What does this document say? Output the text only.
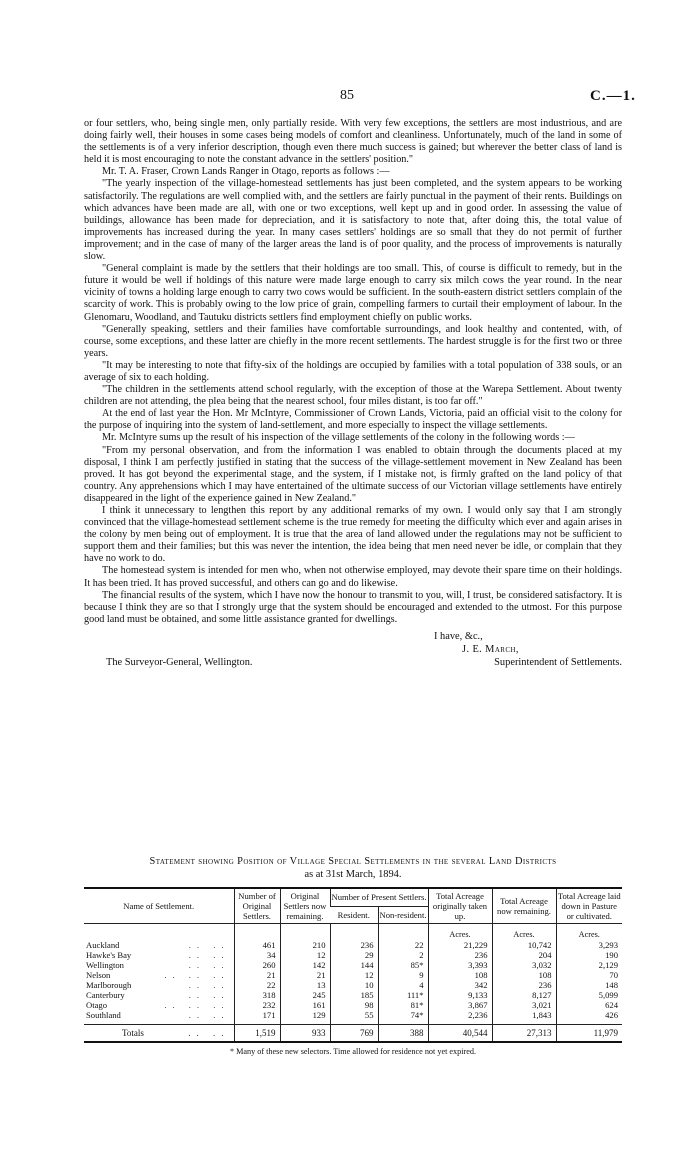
85	C.—1.

or four settlers, who, being single men, only partially reside. With very few exceptions, the settlers are most industrious, and are doing fairly well, their houses in some cases being models of comfort and cleanliness. Unfortunately, much of the land in some of the settlements is of a very inferior description, though even there much success is gained; but wherever the better class of land is held it is most encouraging to note the constant advance in the settlers' position."

Mr. T. A. Fraser, Crown Lands Ranger in Otago, reports as follows :—

"The yearly inspection of the village-homestead settlements has just been completed, and the system appears to be working satisfactorily. The regulations are well complied with, and the settlers are fairly punctual in the payment of their rents. Buildings on which advances have been made are all, with one or two exceptions, well kept up and in good order. In assessing the value of buildings, allowance has been made for depreciation, and it is satisfactory to note that, after doing this, the total value of improvements has increased during the year. In many cases settlers' holdings are so small that they do not permit of further improvement; and in the case of many of the larger areas the land is of poor quality, and the process of improvements is naturally slow.

"General complaint is made by the settlers that their holdings are too small. This, of course is difficult to remedy, but in the future it would be well if holdings of this nature were made large enough to carry six milch cows the year round. In the near vicinity of towns a holding large enough to carry two cows would be sufficient. In the south-eastern district settlers complain of the scarcity of work. This is probably owing to the low price of grain, compelling farmers to curtail their employment of labour. In the Glenomaru, Woodland, and Tautuku districts settlers find employment chiefly on public works.

"Generally speaking, settlers and their families have comfortable surroundings, and look healthy and contented, with, of course, some exceptions, and these latter are chiefly in the more recent settlements. The hardest struggle is for the first two or three years.

"It may be interesting to note that fifty-six of the holdings are occupied by families with a total population of 338 souls, or an average of six to each holding.

"The children in the settlements attend school regularly, with the exception of those at the Warepa Settlement. About twenty children are not attending, the plea being that the nearest school, four miles distant, is too far off."

At the end of last year the Hon. Mr McIntyre, Commissioner of Crown Lands, Victoria, paid an official visit to the colony for the purpose of inquiring into the system of land-settlement, and more especially to inspect the village settlements.

Mr. McIntyre sums up the result of his inspection of the village settlements of the colony in the following words :—

"From my personal observation, and from the information I was enabled to obtain through the documents placed at my disposal, I think I am perfectly justified in stating that the success of the village-settlement movement in New Zealand has been proved. It has got beyond the experimental stage, and the system, if I mistake not, is firmly grafted on the land policy of that country. Any apprehensions which I may have entertained of the ultimate success of our Victorian village settlements have entirely disappeared in the light of the experience gained in New Zealand."

I think it unnecessary to lengthen this report by any additional remarks of my own. I would only say that I am strongly convinced that the village-homestead settlement scheme is the true remedy for meeting the difficulty which ever and again arises in the colony by men being out of employment. It is true that the area of land allowed under the regulations may not be sufficient to support them and their families; but this was never the intention, the idea being that men need never be idle, or complain that they have no work to do.

The homestead system is intended for men who, when not otherwise employed, may devote their spare time on their holdings. It has been tried. It has proved successful, and others can go and do likewise.

The financial results of the system, which I have now the honour to transmit to you, will, I trust, be considered satisfactory. It is because I think they are so that I strongly urge that the system should be encouraged and extended to the utmost. For this purpose good land must be obtained, and some little assistance granted for dwellings.

I have, &c.,
J. E. March,
The Surveyor-General, Wellington.	Superintendent of Settlements.
Statement showing Position of Village Special Settlements in the several Land Districts
as at 31st March, 1894.
Name of Settlement.	Number of Original Settlers.	Original Settlers now remaining.	Number of Present Settlers.		Total Acreage originally taken up.	Total Acreage now remaining.	Total Acreage laid down in Pasture or cultivated.
			Resident.	Non-resident.			
					Acres.	Acres.	Acres.

Auckland .. ..	461	210	236	22	21,229	10,742	3,293

Hawke's Bay .. ..	34	12	29	2	236	204	190

Wellington .. ..	260	142	144	85*	3,393	3,032	2,129

Nelson .. .. ..	21	21	12	9	108	108	70

Marlborough .. ..	22	13	10	4	342	236	148

Canterbury .. ..	318	245	185	111*	9,133	8,127	5,099

Otago .. .. ..	232	161	98	81*	3,867	3,021	624

Southland .. ..	171	129	55	74*	2,236	1,843	426

Totals .. ..	1,519	933	769	388	40,544	27,313	11,979
* Many of these new selectors. Time allowed for residence not yet expired.
